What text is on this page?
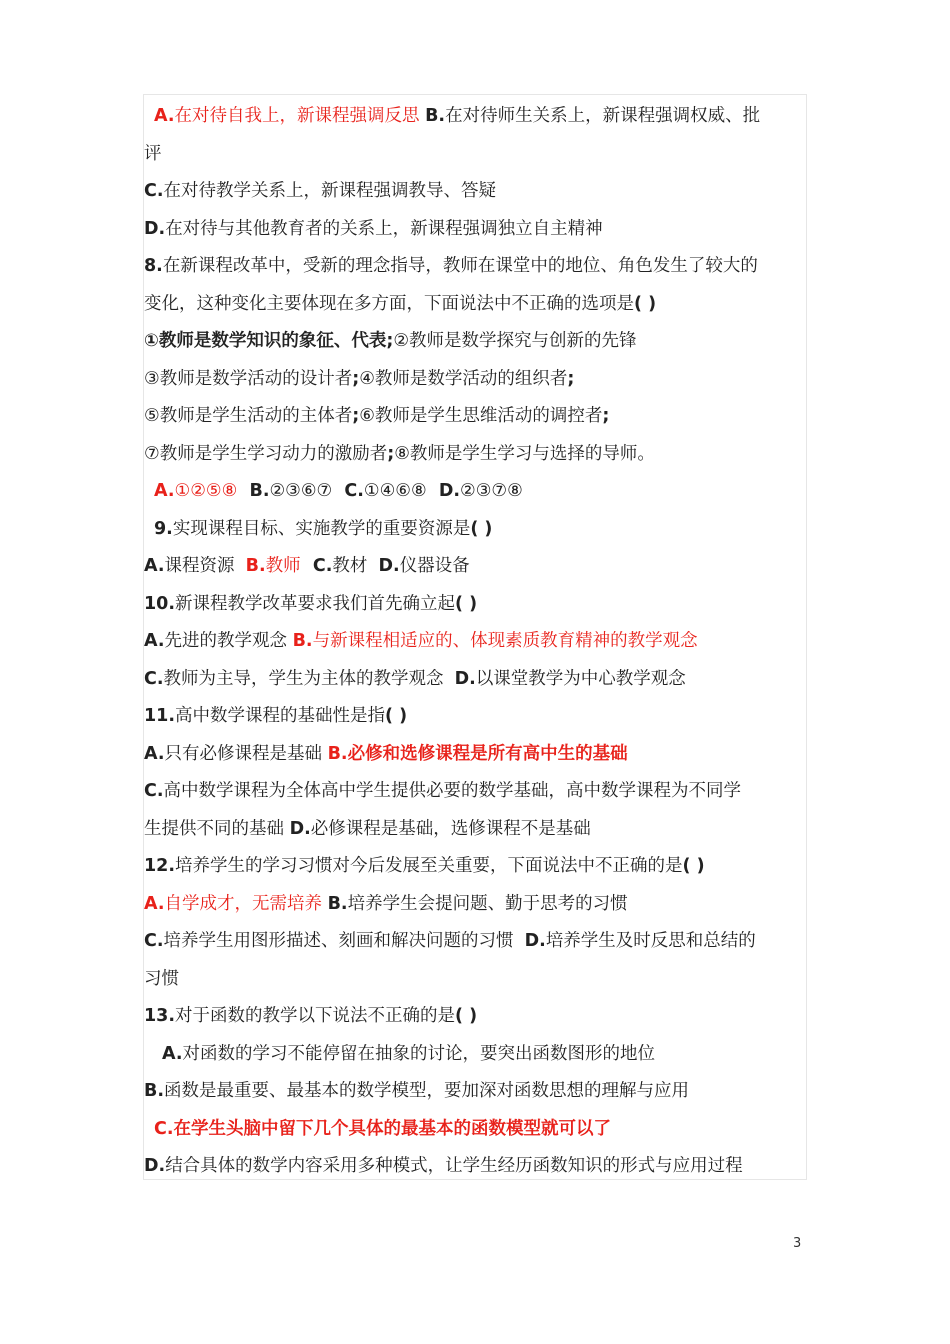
A.在对待自我上，新课程强调反思 B.在对待师生关系上，新课程强调权威、批
评
C.在对待教学关系上，新课程强调教导、答疑
D.在对待与其他教育者的关系上，新课程强调独立自主精神
8.在新课程改革中，受新的理念指导，教师在课堂中的地位、角色发生了较大的
变化，这种变化主要体现在多方面，下面说法中不正确的选项是( )
①教师是数学知识的象征、代表;②教师是数学探究与创新的先锋
③教师是数学活动的设计者;④教师是数学活动的组织者;
⑤教师是学生活动的主体者;⑥教师是学生思维活动的调控者;
⑦教师是学生学习动力的激励者;⑧教师是学生学习与选择的导师。
A.①②⑤⑧  B.②③⑥⑦  C.①④⑥⑧  D.②③⑦⑧
9.实现课程目标、实施教学的重要资源是( )
A.课程资源  B.教师  C.教材  D.仪器设备
10.新课程教学改革要求我们首先确立起( )
A.先进的教学观念 B.与新课程相适应的、体现素质教育精神的教学观念
C.教师为主导，学生为主体的教学观念  D.以课堂教学为中心教学观念
11.高中数学课程的基础性是指( )
A.只有必修课程是基础 B.必修和选修课程是所有高中生的基础
C.高中数学课程为全体高中学生提供必要的数学基础，高中数学课程为不同学
生提供不同的基础 D.必修课程是基础，选修课程不是基础
12.培养学生的学习习惯对今后发展至关重要，下面说法中不正确的是( )
A.自学成才，无需培养 B.培养学生会提问题、勤于思考的习惯
C.培养学生用图形描述、刻画和解决问题的习惯  D.培养学生及时反思和总结的
习惯
13.对于函数的教学以下说法不正确的是( )
A.对函数的学习不能停留在抽象的讨论，要突出函数图形的地位
B.函数是最重要、最基本的数学模型，要加深对函数思想的理解与应用
C.在学生头脑中留下几个具体的最基本的函数模型就可以了
D.结合具体的数学内容采用多种模式，让学生经历函数知识的形式与应用过程
3
